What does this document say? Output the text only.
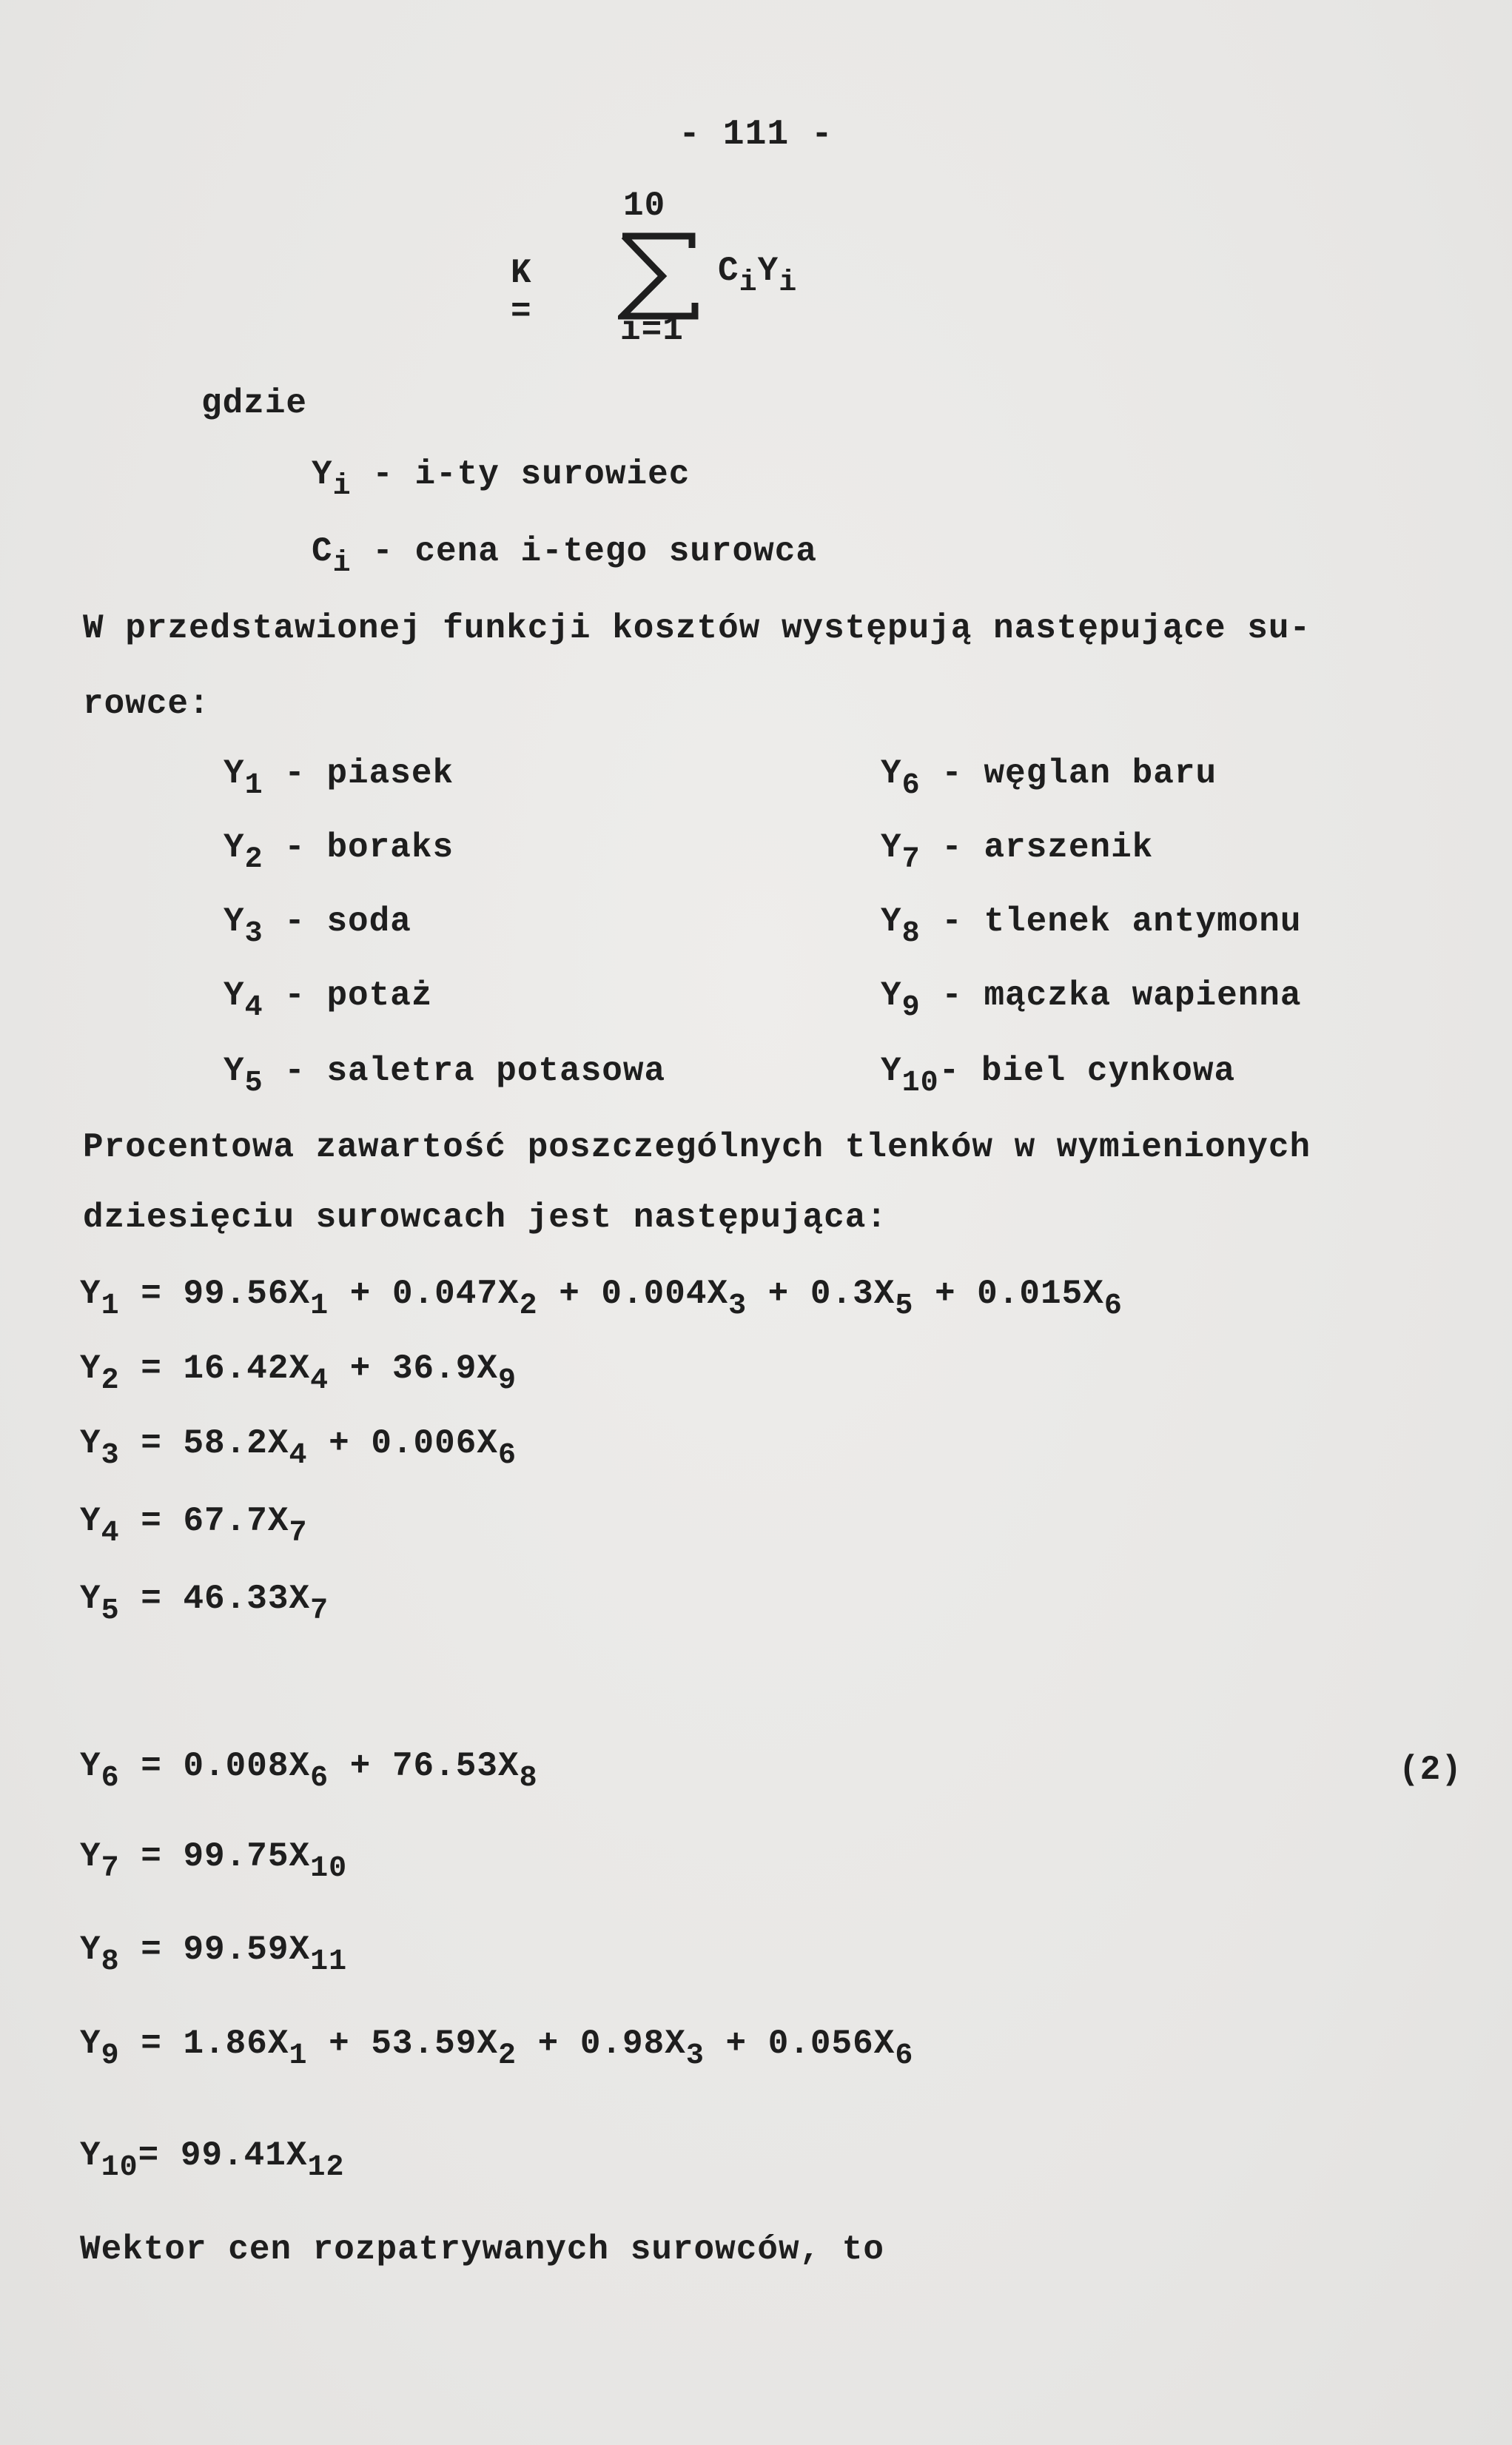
- 111 -
K =
10
i=1
$C_iY_i$
gdzie
$Y_i - i-ty$ surowiec
$C_i$ - cena i-tego surowca
W przedstawionej funkcji kosztów występują następujące su-
rowce:
$Y_1$ - piasek
$Y_2$ - boraks
$Y_3$ - soda
$Y_4$ - potaż
$Y_5$ - saletra potasowa
$Y_6$ - węglan baru
$Y_7$ - arszenik
$Y_8$ - tlenek antymonu
$Y_9$ - mączka wapienna
$Y_{10}-$ biel cynkowa
Procentowa zawartość poszczególnych tlenków w wymienionych
dziesięciu surowcach jest następująca:
$Y_1 = 99.56X_1 + 0.047X_2 + 0.004X_3 + 0.3X_5 + 0.015X_6$
$Y_2 = 16.42X_4 + 36.9X_9$
$Y_3 = 58.2X_4 + 0.006X_6$
$Y_4 = 67.7X_7$
$Y_5 = 46.33X_7$
$Y_6 = 0.008X_6 + 76.53X_8$
$Y_7 = 99.75X_{10}$
$Y_8 = 99.59X_{11}$
$Y_9 = 1.86X_1 + 53.59X_2 + 0.98X_3 + 0.056X_6$
$Y_{10}= 99.41X_{12}$
(2)
Wektor cen rozpatrywanych surowców, to
